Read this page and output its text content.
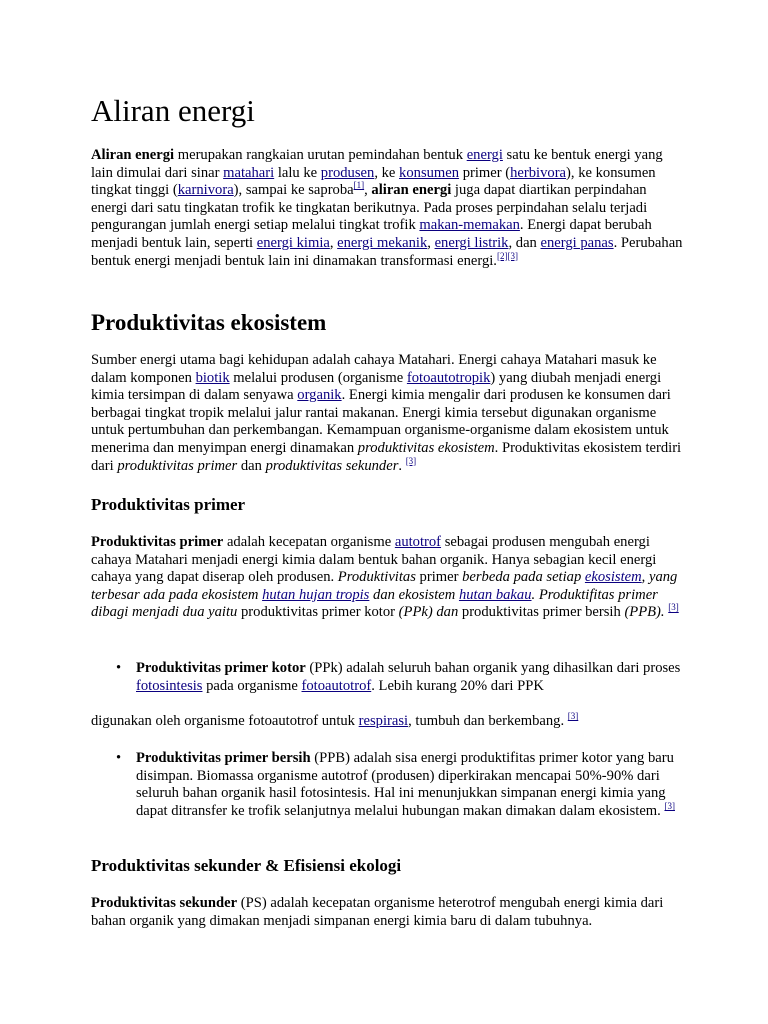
Aliran energi

Aliran energi merupakan rangkaian urutan pemindahan bentuk energi satu ke bentuk energi yang lain dimulai dari sinar matahari lalu ke produsen, ke konsumen primer (herbivora), ke konsumen tingkat tinggi (karnivora), sampai ke saproba[1], aliran energi juga dapat diartikan perpindahan energi dari satu tingkatan trofik ke tingkatan berikutnya. Pada proses perpindahan selalu terjadi pengurangan jumlah energi setiap melalui tingkat trofik makan-memakan. Energi dapat berubah menjadi bentuk lain, seperti energi kimia, energi mekanik, energi listrik, dan energi panas. Perubahan bentuk energi menjadi bentuk lain ini dinamakan transformasi energi.[2][3]

Produktivitas ekosistem

Sumber energi utama bagi kehidupan adalah cahaya Matahari. Energi cahaya Matahari masuk ke dalam komponen biotik melalui produsen (organisme fotoautotropik) yang diubah menjadi energi kimia tersimpan di dalam senyawa organik. Energi kimia mengalir dari produsen ke konsumen dari berbagai tingkat tropik melalui jalur rantai makanan. Energi kimia tersebut digunakan organisme untuk pertumbuhan dan perkembangan. Kemampuan organisme-organisme dalam ekosistem untuk menerima dan menyimpan energi dinamakan produktivitas ekosistem. Produktivitas ekosistem terdiri dari produktivitas primer dan produktivitas sekunder. [3]

Produktivitas primer

Produktivitas primer adalah kecepatan organisme autotrof sebagai produsen mengubah energi cahaya Matahari menjadi energi kimia dalam bentuk bahan organik. Hanya sebagian kecil energi cahaya yang dapat diserap oleh produsen. Produktivitas primer berbeda pada setiap ekosistem, yang terbesar ada pada ekosistem hutan hujan tropis dan ekosistem hutan bakau. Produktifitas primer dibagi menjadi dua yaitu produktivitas primer kotor (PPk) dan produktivitas primer bersih (PPB). [3]

• Produktivitas primer kotor (PPk) adalah seluruh bahan organik yang dihasilkan dari proses fotosintesis pada organisme fotoautotrof. Lebih kurang 20% dari PPK

digunakan oleh organisme fotoautotrof untuk respirasi, tumbuh dan berkembang. [3]

• Produktivitas primer bersih (PPB) adalah sisa energi produktifitas primer kotor yang baru disimpan. Biomassa organisme autotrof (produsen) diperkirakan mencapai 50%-90% dari seluruh bahan organik hasil fotosintesis. Hal ini menunjukkan simpanan energi kimia yang dapat ditransfer ke trofik selanjutnya melalui hubungan makan dimakan dalam ekosistem. [3]
Produktivitas sekunder & Efisiensi ekologi

Produktivitas sekunder (PS) adalah kecepatan organisme heterotrof mengubah energi kimia dari bahan organik yang dimakan menjadi simpanan energi kimia baru di dalam tubuhnya.
